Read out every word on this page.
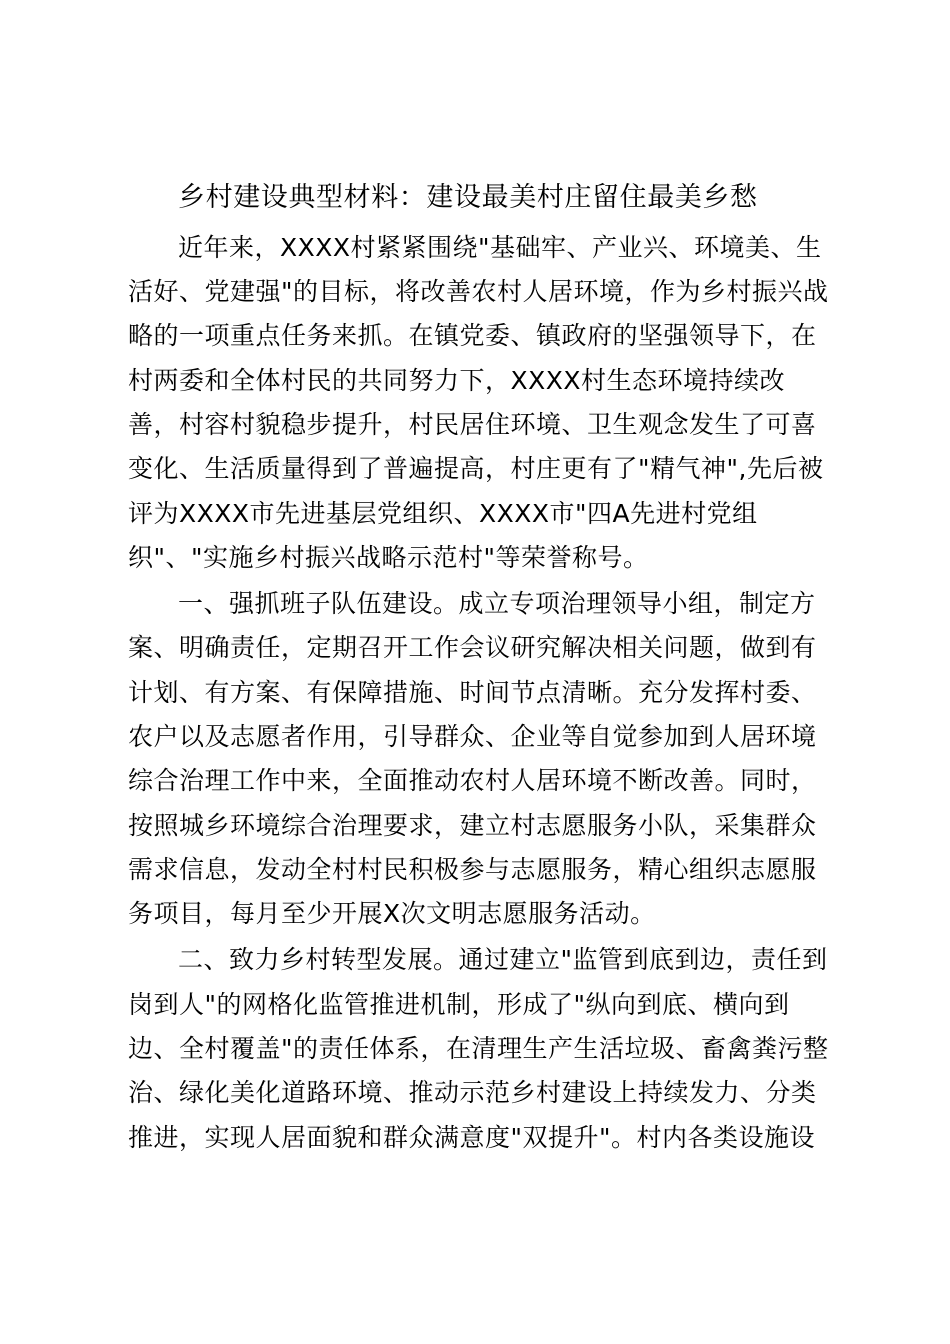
乡村建设典型材料：建设最美村庄留住最美乡愁
近年来，XXXX村紧紧围绕"基础牢、产业兴、环境美、生
活好、党建强"的目标，将改善农村人居环境，作为乡村振兴战
略的一项重点任务来抓。在镇党委、镇政府的坚强领导下，在
村两委和全体村民的共同努力下，XXXX村生态环境持续改
善，村容村貌稳步提升，村民居住环境、卫生观念发生了可喜
变化、生活质量得到了普遍提高，村庄更有了"精气神",先后被
评为XXXX市先进基层党组织、XXXX市"四A先进村党组
织"、"实施乡村振兴战略示范村"等荣誉称号。
一、强抓班子队伍建设。成立专项治理领导小组，制定方
案、明确责任，定期召开工作会议研究解决相关问题，做到有
计划、有方案、有保障措施、时间节点清晰。充分发挥村委、
农户以及志愿者作用，引导群众、企业等自觉参加到人居环境
综合治理工作中来，全面推动农村人居环境不断改善。同时，
按照城乡环境综合治理要求，建立村志愿服务小队，采集群众
需求信息，发动全村村民积极参与志愿服务，精心组织志愿服
务项目，每月至少开展X次文明志愿服务活动。
二、致力乡村转型发展。通过建立"监管到底到边，责任到
岗到人"的网格化监管推进机制，形成了"纵向到底、横向到
边、全村覆盖"的责任体系，在清理生产生活垃圾、畜禽粪污整
治、绿化美化道路环境、推动示范乡村建设上持续发力、分类
推进，实现人居面貌和群众满意度"双提升"。村内各类设施设
